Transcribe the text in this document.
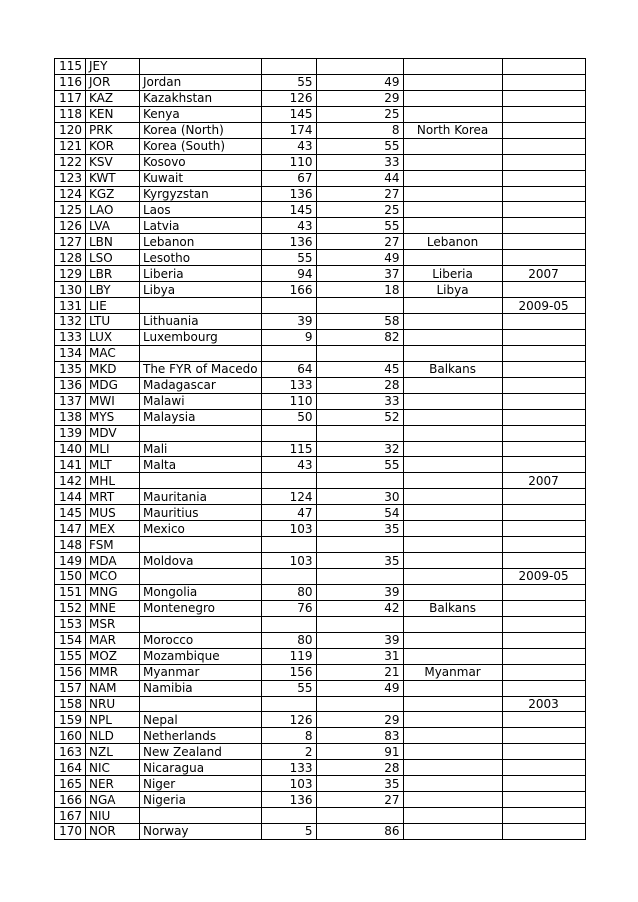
115	JEY					
116	JOR	Jordan	55	49		
117	KAZ	Kazakhstan	126	29		
118	KEN	Kenya	145	25		
120	PRK	Korea (North)	174	8	North Korea	
121	KOR	Korea (South)	43	55		
122	KSV	Kosovo	110	33		
123	KWT	Kuwait	67	44		
124	KGZ	Kyrgyzstan	136	27		
125	LAO	Laos	145	25		
126	LVA	Latvia	43	55		
127	LBN	Lebanon	136	27	Lebanon	
128	LSO	Lesotho	55	49		
129	LBR	Liberia	94	37	Liberia	2007
130	LBY	Libya	166	18	Libya	
131	LIE					2009-05
132	LTU	Lithuania	39	58		
133	LUX	Luxembourg	9	82		
134	MAC					
135	MKD	The FYR of Macedo	64	45	Balkans	
136	MDG	Madagascar	133	28		
137	MWI	Malawi	110	33		
138	MYS	Malaysia	50	52		
139	MDV					
140	MLI	Mali	115	32		
141	MLT	Malta	43	55		
142	MHL					2007
144	MRT	Mauritania	124	30		
145	MUS	Mauritius	47	54		
147	MEX	Mexico	103	35		
148	FSM					
149	MDA	Moldova	103	35		
150	MCO					2009-05
151	MNG	Mongolia	80	39		
152	MNE	Montenegro	76	42	Balkans	
153	MSR					
154	MAR	Morocco	80	39		
155	MOZ	Mozambique	119	31		
156	MMR	Myanmar	156	21	Myanmar	
157	NAM	Namibia	55	49		
158	NRU					2003
159	NPL	Nepal	126	29		
160	NLD	Netherlands	8	83		
163	NZL	New Zealand	2	91		
164	NIC	Nicaragua	133	28		
165	NER	Niger	103	35		
166	NGA	Nigeria	136	27		
167	NIU					
170	NOR	Norway	5	86		
